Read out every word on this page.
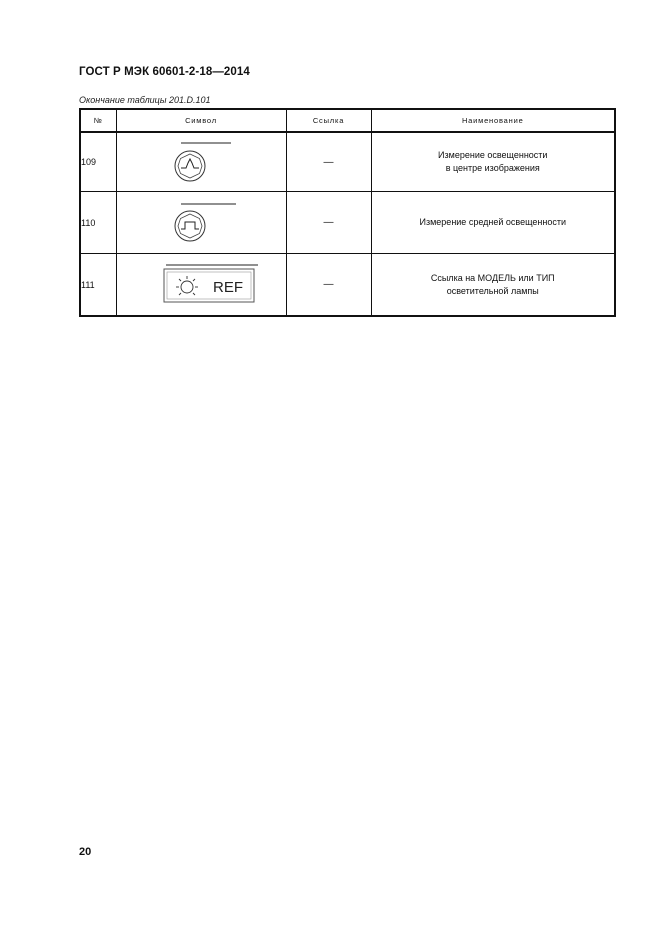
ГОСТ Р МЭК 60601-2-18—2014
Окончание таблицы 201.D.101
№	Символ	Ссылка	Наименование
109		—	Измерение освещенности
в центре изображения

110		—	Измерение средней освещенности

111	REF	—	Ссылка на МОДЕЛЬ или ТИП
осветительной лампы
20
